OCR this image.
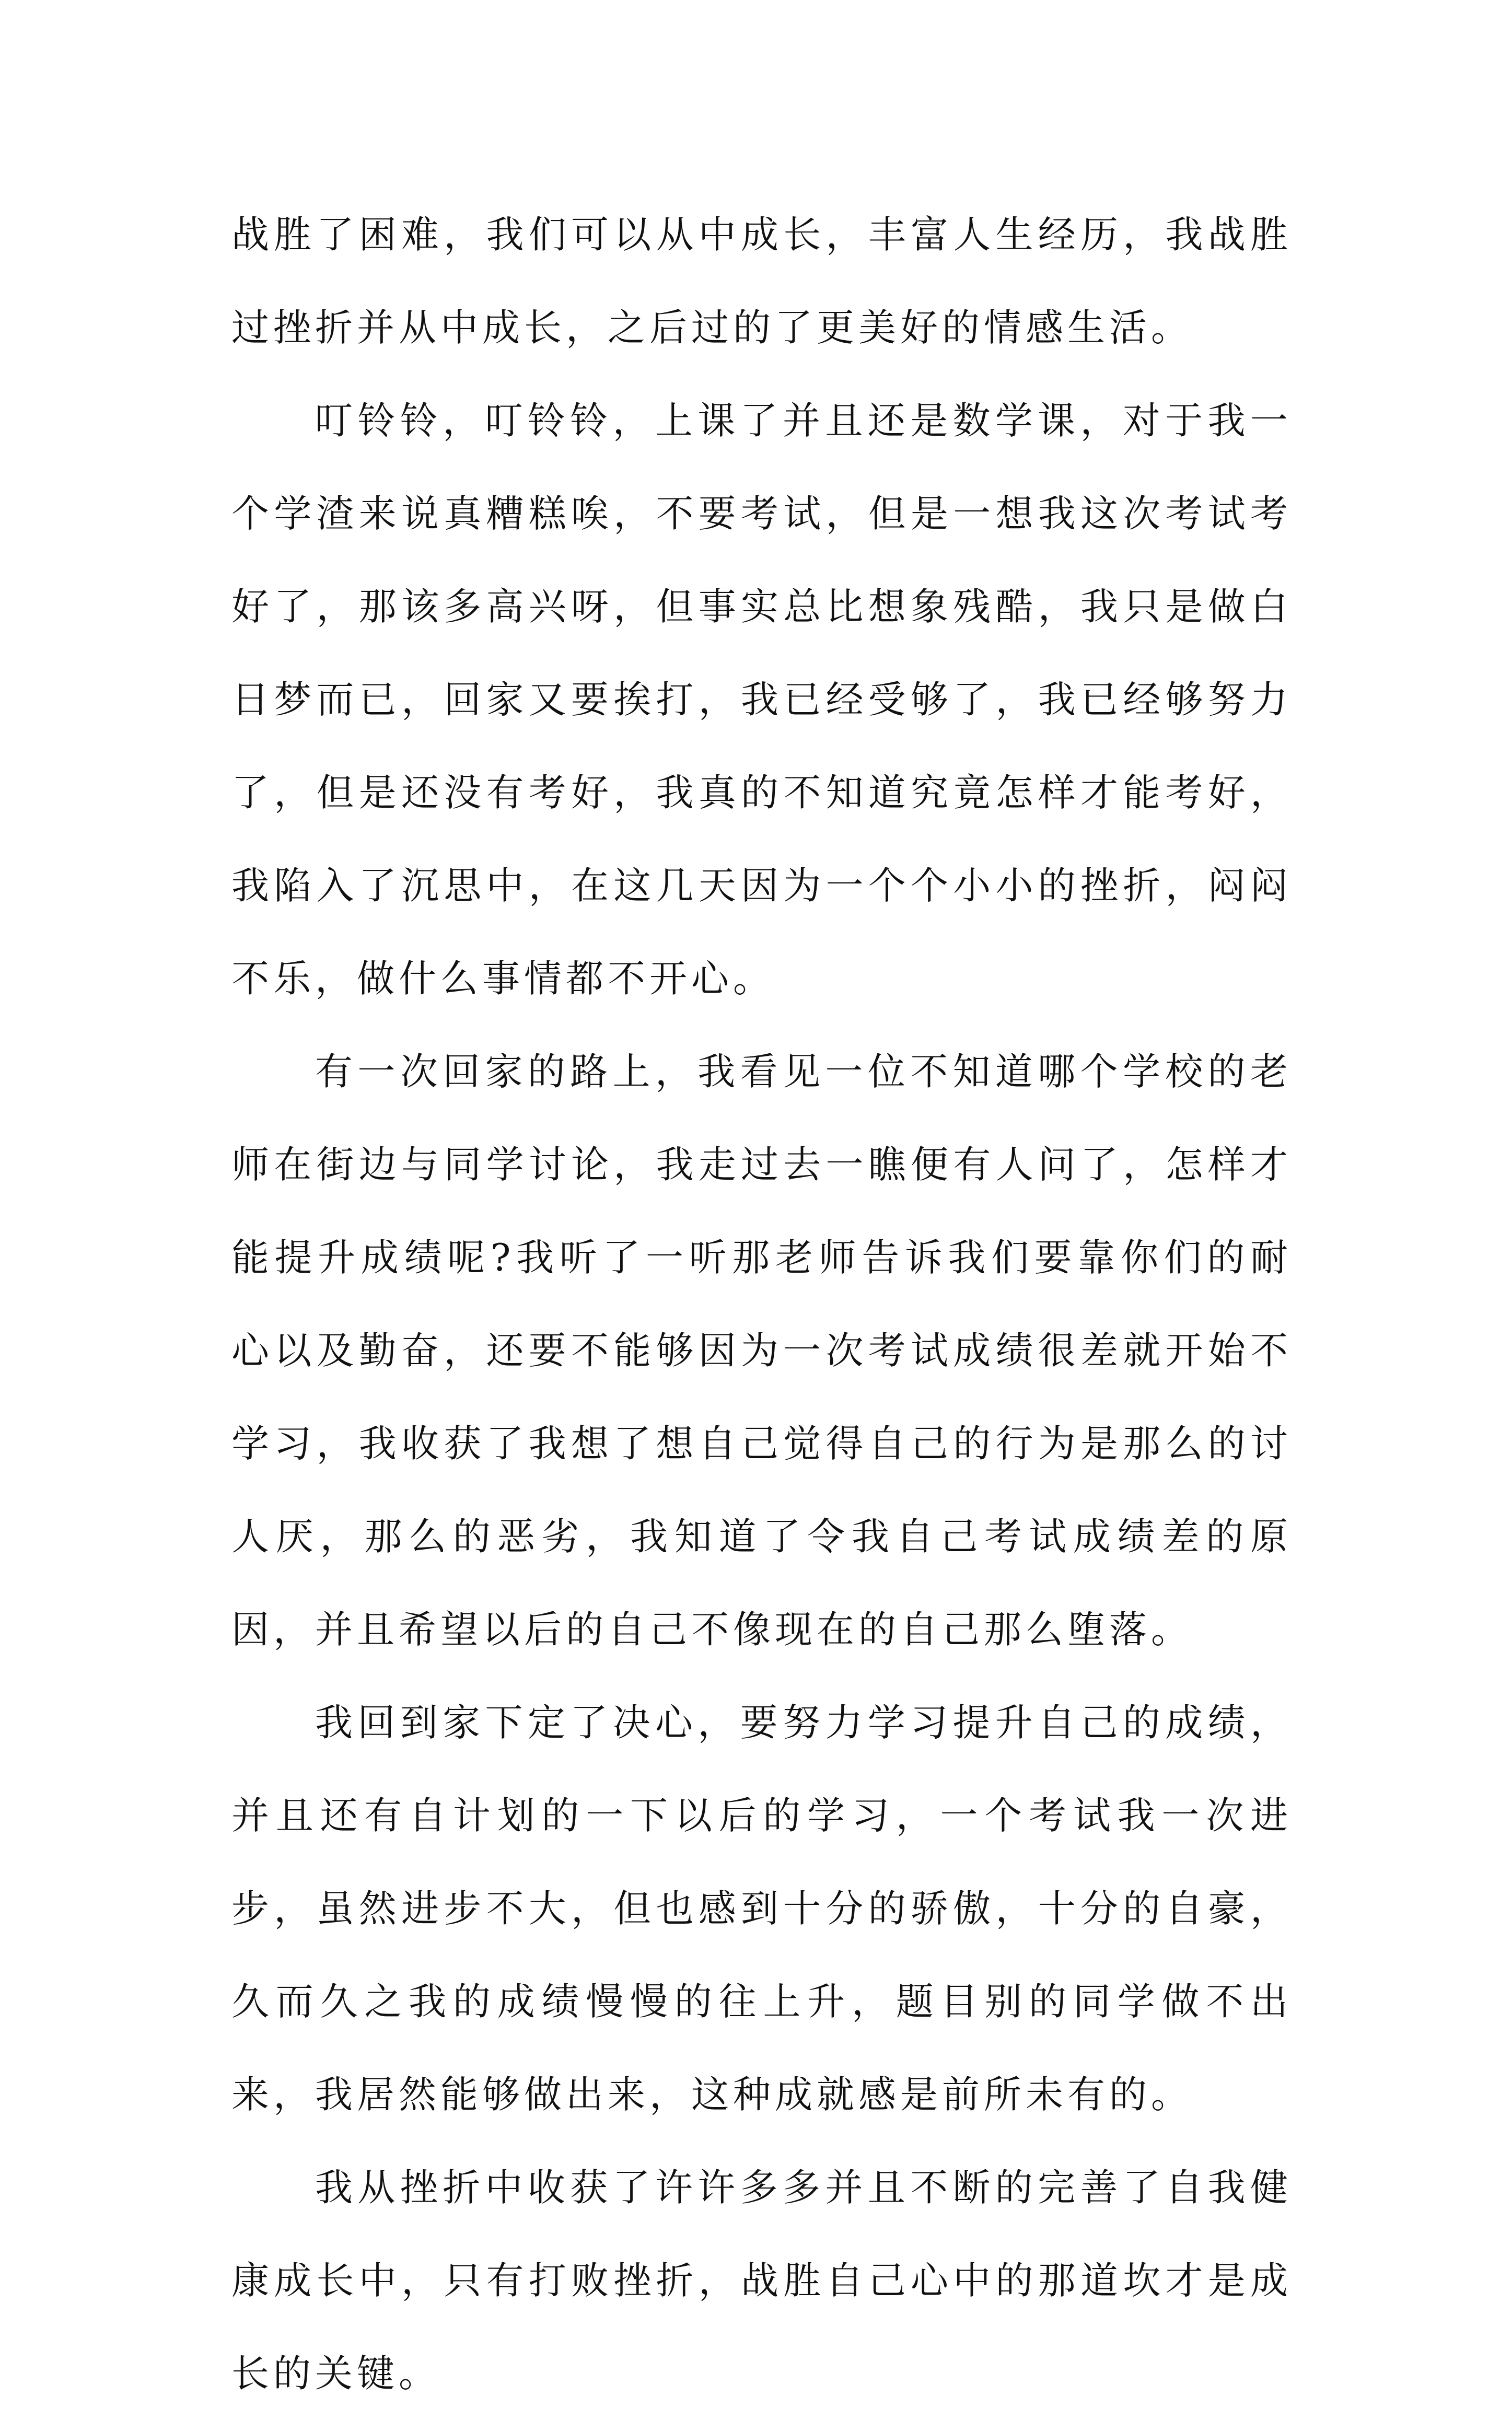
战胜了困难，我们可以从中成长，丰富人生经历，我战胜过挫折并从中成长，之后过的了更美好的情感生活。

叮铃铃，叮铃铃，上课了并且还是数学课，对于我一个学渣来说真糟糕唉，不要考试，但是一想我这次考试考好了，那该多高兴呀，但事实总比想象残酷，我只是做白日梦而已，回家又要挨打，我已经受够了，我已经够努力了，但是还没有考好，我真的不知道究竟怎样才能考好，我陷入了沉思中，在这几天因为一个个小小的挫折，闷闷不乐，做什么事情都不开心。

有一次回家的路上，我看见一位不知道哪个学校的老师在街边与同学讨论，我走过去一瞧便有人问了，怎样才能提升成绩呢?我听了一听那老师告诉我们要靠你们的耐心以及勤奋，还要不能够因为一次考试成绩很差就开始不学习，我收获了我想了想自己觉得自己的行为是那么的讨人厌，那么的恶劣，我知道了令我自己考试成绩差的原因，并且希望以后的自己不像现在的自己那么堕落。

我回到家下定了决心，要努力学习提升自己的成绩，并且还有自计划的一下以后的学习，一个考试我一次进步，虽然进步不大，但也感到十分的骄傲，十分的自豪，久而久之我的成绩慢慢的往上升，题目别的同学做不出来，我居然能够做出来，这种成就感是前所未有的。

我从挫折中收获了许许多多并且不断的完善了自我健康成长中，只有打败挫折，战胜自己心中的那道坎才是成长的关键。
